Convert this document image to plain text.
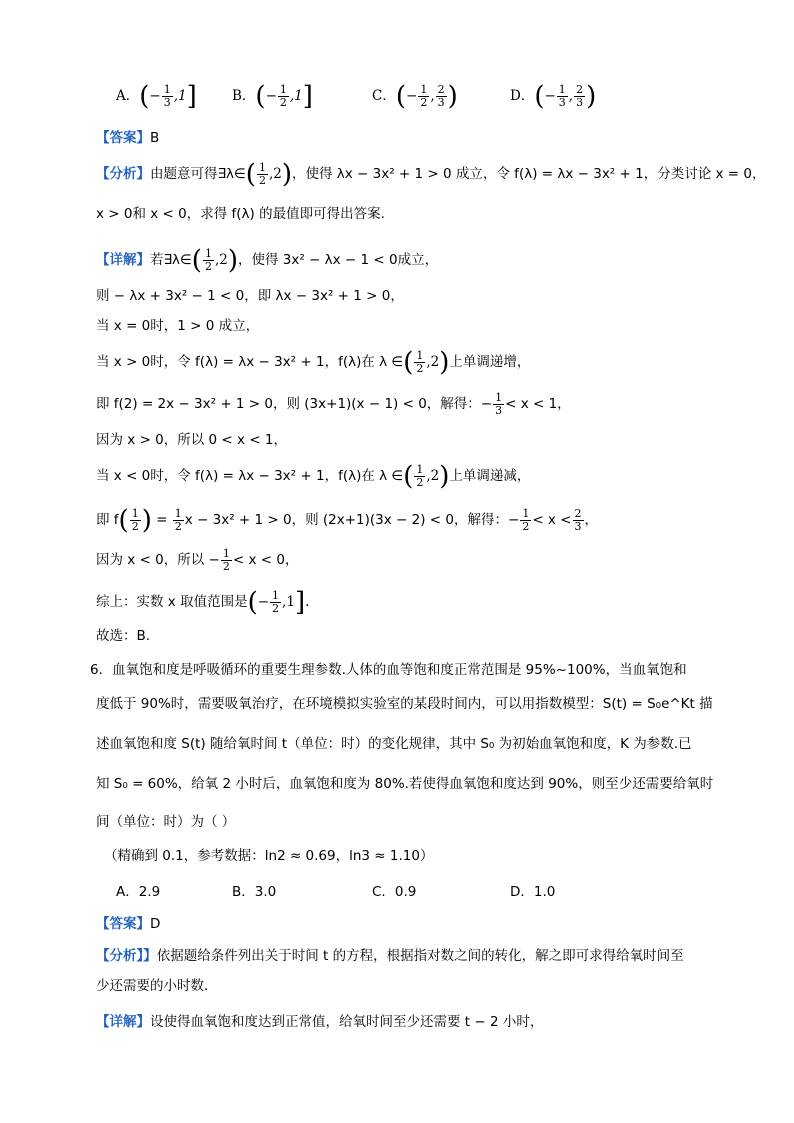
A．(− $\frac{1}{3} ,1$]	B．(− $\frac{1}{2} ,1$]	C．(− $\frac{1}{2}$ , $\frac{2}{3}$ )	D．(− $\frac{1}{3}$ , $\frac{2}{3}$ )
【答案】B
【分析】由题意可得∃λ∈( $\frac{1}{2} ,2$)，使得 λx − 3x² + 1 > 0 成立，令 f(λ) = λx − 3x² + 1，分类讨论 x = 0，
x > 0和 x < 0，求得 f(λ) 的最值即可得出答案.
【详解】若∃λ∈( $\frac{1}{2} ,2$)，使得 3x² − λx − 1 < 0成立，
则 − λx + 3x² − 1 < 0，即 λx − 3x² + 1 > 0，
当 x = 0时，1 > 0 成立，
当 x > 0时，令 f(λ) = λx − 3x² + 1，f(λ)在 λ ∈( $\frac{1}{2} ,2$)上单调递增，
即 f(2) = 2x − 3x² + 1 > 0，则 (3x+1)(x − 1) < 0，解得：− $\frac{1}{3} < x < 1$，
因为 x > 0，所以 0 < x < 1，
当 x < 0时，令 f(λ) = λx − 3x² + 1，f(λ)在 λ ∈( $\frac{1}{2} ,2$)上单调递减，
即 $f( \frac{1}{2}$ ) = $\frac{1}{2}$ x − 3x² + 1 > 0，则 (2x+1)(3x − 2) < 0，解得：− $\frac{1}{2} < x < \frac{2}{3}$ ，
因为 x < 0，所以 − $\frac{1}{2} < x < 0$，
综上：实数 x 取值范围是(− $\frac{1}{2} ,1$].
故选：B.
6．血氧饱和度是呼吸循环的重要生理参数.人体的血等饱和度正常范围是 95%~100%，当血氧饱和
度低于 90%时，需要吸氧治疗，在环境模拟实验室的某段时间内，可以用指数模型：S(t) = S₀e^Kt 描
述血氧饱和度 S(t) 随给氧时间 t（单位：时）的变化规律，其中 S₀ 为初始血氧饱和度，K 为参数.已
知 S₀ = 60%，给氧 2 小时后，血氧饱和度为 80%.若使得血氧饱和度达到 90%，则至少还需要给氧时
间（单位：时）为（ ）
（精确到 0.1，参考数据：ln2 ≈ 0.69，ln3 ≈ 1.10）
A．2.9	B．3.0	C．0.9	D．1.0
【答案】D
【分析】】依据题给条件列出关于时间 t 的方程，根据指对数之间的转化，解之即可求得给氧时间至
少还需要的小时数．
【详解】设使得血氧饱和度达到正常值，给氧时间至少还需要 t − 2 小时，
